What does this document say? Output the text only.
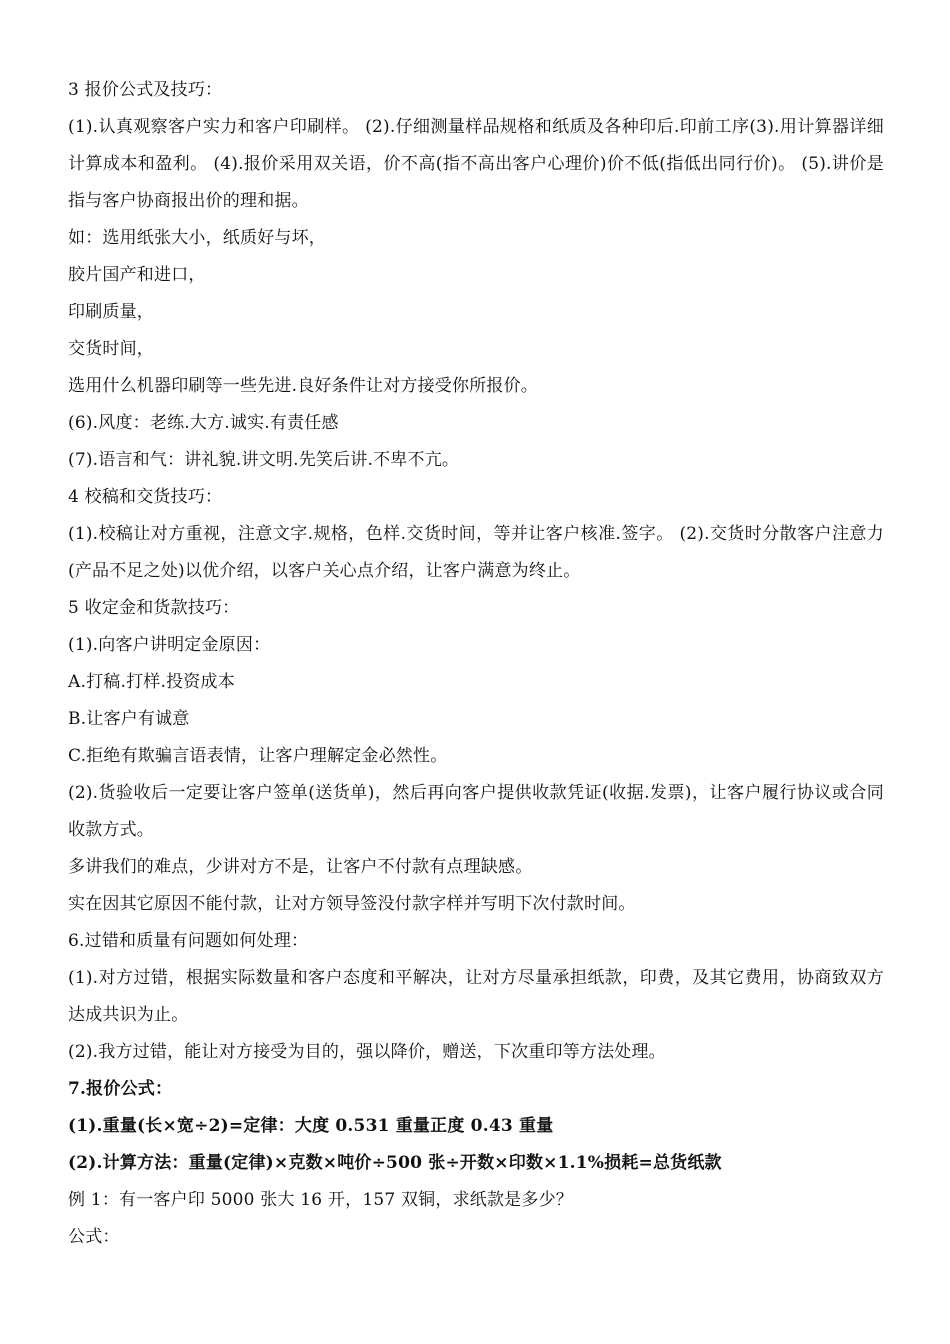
3 报价公式及技巧：

(1).认真观察客户实力和客户印刷样。 (2).仔细测量样品规格和纸质及各种印后.印前工序(3).用计算器详细计算成本和盈利。 (4).报价采用双关语，价不高(指不高出客户心理价)价不低(指低出同行价)。 (5).讲价是指与客户协商报出价的理和据。

如：选用纸张大小，纸质好与坏，

胶片国产和进口，

印刷质量，

交货时间，

选用什么机器印刷等一些先进.良好条件让对方接受你所报价。

(6).风度：老练.大方.诚实.有责任感

(7).语言和气：讲礼貌.讲文明.先笑后讲.不卑不亢。

4 校稿和交货技巧：

(1).校稿让对方重视，注意文字.规格，色样.交货时间，等并让客户核准.签字。 (2).交货时分散客户注意力(产品不足之处)以优介绍，以客户关心点介绍，让客户满意为终止。

5 收定金和货款技巧：

(1).向客户讲明定金原因：

A.打稿.打样.投资成本

B.让客户有诚意

C.拒绝有欺骗言语表情，让客户理解定金必然性。

(2).货验收后一定要让客户签单(送货单)，然后再向客户提供收款凭证(收据.发票)，让客户履行协议或合同收款方式。

多讲我们的难点，少讲对方不是，让客户不付款有点理缺感。

实在因其它原因不能付款，让对方领导签没付款字样并写明下次付款时间。

6.过错和质量有问题如何处理：

(1).对方过错，根据实际数量和客户态度和平解决，让对方尽量承担纸款，印费，及其它费用，协商致双方达成共识为止。

(2).我方过错，能让对方接受为目的，强以降价，赠送，下次重印等方法处理。

7.报价公式：

(1).重量(长×宽÷2)=定律：大度 0.531 重量正度 0.43 重量

(2).计算方法：重量(定律)×克数×吨价÷500 张÷开数×印数×1.1%损耗=总货纸款

例 1：有一客户印 5000 张大 16 开，157 双铜，求纸款是多少？

公式：
